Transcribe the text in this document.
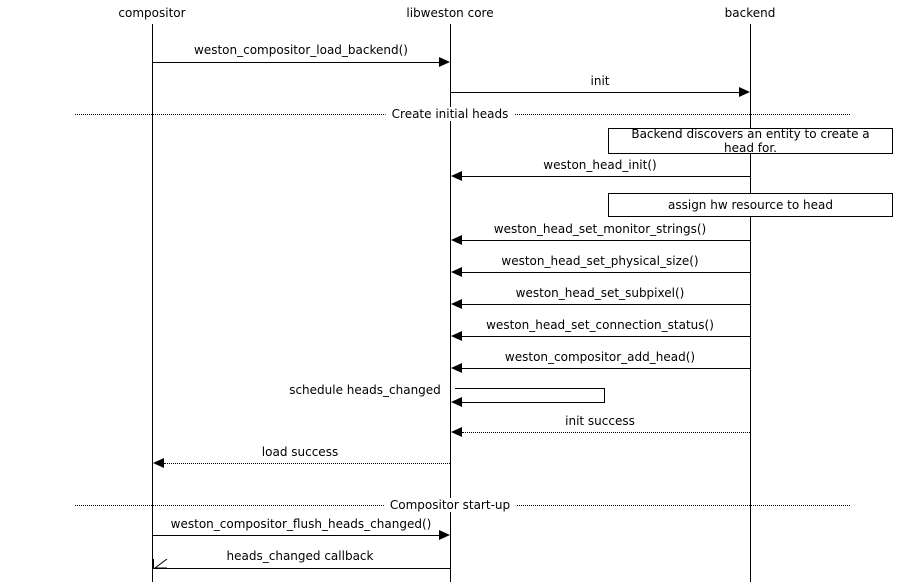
compositor	libweston core	backend
weston_compositor_load_backend()
init
Create initial heads
Backend discovers an entity to create a head for.
weston_head_init()
assign hw resource to head
weston_head_set_monitor_strings()
weston_head_set_physical_size()
weston_head_set_subpixel()
weston_head_set_connection_status()
weston_compositor_add_head()
schedule heads_changed
init success
load success
Compositor start-up
weston_compositor_flush_heads_changed()
heads_changed callback
